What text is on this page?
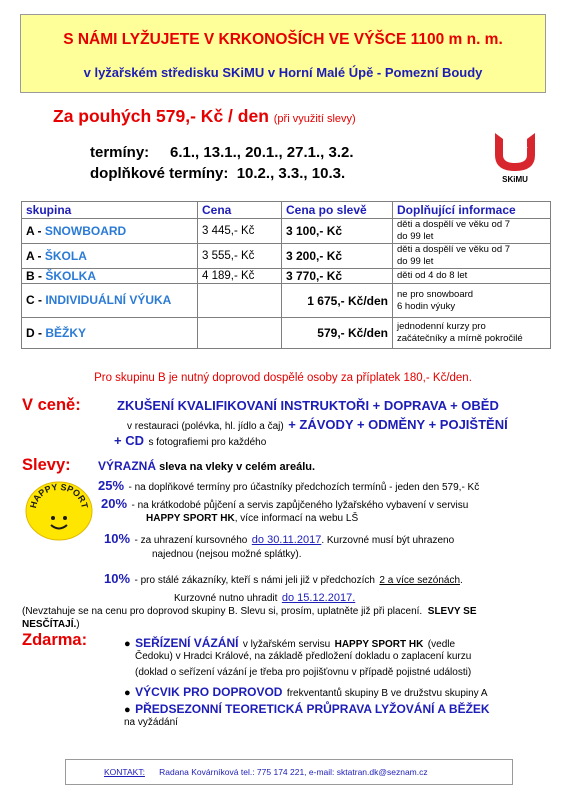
S NÁMI LYŽUJETE V KRKONOŠÍCH VE VÝŠCE 1100 m n. m.
v lyžařském středisku SKiMU v Horní Malé Úpě - Pomezní Boudy
Za pouhých 579,- Kč / den (při využití slevy)
termíny: 6.1., 13.1., 20.1., 27.1., 3.2.
doplňkové termíny: 10.2., 3.3., 10.3.	SKiMU
skupina	Cena	Cena po slevě	Doplňující informace
A - SNOWBOARD	3 445,- Kč	3 100,- Kč	děti a dospělí ve věku od 7
do 99 let

A - ŠKOLA	3 555,- Kč	3 200,- Kč	děti a dospělí ve věku od 7
do 99 let

B - ŠKOLKA	4 189,- Kč	3 770,- Kč	děti od 4 do 8 let

C - INDIVIDUÁLNÍ VÝUKA		1 675,- Kč/den	ne pro snowboard
6 hodin výuky

D - BĚŽKY		579,- Kč/den	jednodenní kurzy pro
začátečníky a mírně pokročilé
Pro skupinu B je nutný doprovod dospělé osoby za příplatek 180,- Kč/den.
V ceně:	ZKUŠENÍ KVALIFIKOVANÍ INSTRUKTOŘI + DOPRAVA + OBĚD
v restauraci (polévka, hl. jídlo a čaj) + ZÁVODY + ODMĚNY + POJIŠTĚNÍ
+ CD s fotografiemi pro každého
Slevy: VÝRAZNÁ sleva na vleky v celém areálu.
HAPPY SPORT
25% - na doplňkové termíny pro účastníky předchozích termínů - jeden den 579,- Kč
20% - na krátkodobé půjčení a servis zapůjčeného lyžařského vybavení v servisu
HAPPY SPORT HK, více informací na webu LŠ
10% - za uhrazení kursovného do 30.11.2017. Kurzovné musí být uhrazeno
najednou (nejsou možné splátky).
10% - pro stálé zákazníky, kteří s námi jeli již v předchozích 2 a více sezónách.
Kurzovné nutno uhradit do 15.12.2017.
(Nevztahuje se na cenu pro doprovod skupiny B. Slevu si, prosím, uplatněte již při placení. SLEVY SE
NESČÍTAJÍ.)
Zdarma:	● SEŘÍZENÍ VÁZÁNÍ v lyžařském servisu HAPPY SPORT HK (vedle
Čedoku) v Hradci Králové, na základě předložení dokladu o zaplacení kurzu
(doklad o seřízení vázání je třeba pro pojišťovnu v případě pojistné události)
● VÝCVIK PRO DOPROVOD frekventantů skupiny B ve družstvu skupiny A
● PŘEDSEZONNÍ TEORETICKÁ PRŮPRAVA LYŽOVÁNÍ A BĚŽEK
na vyžádání
KONTAKT: Radana Kovárníková tel.: 775 174 221, e-mail: sktatran.dk@seznam.cz
